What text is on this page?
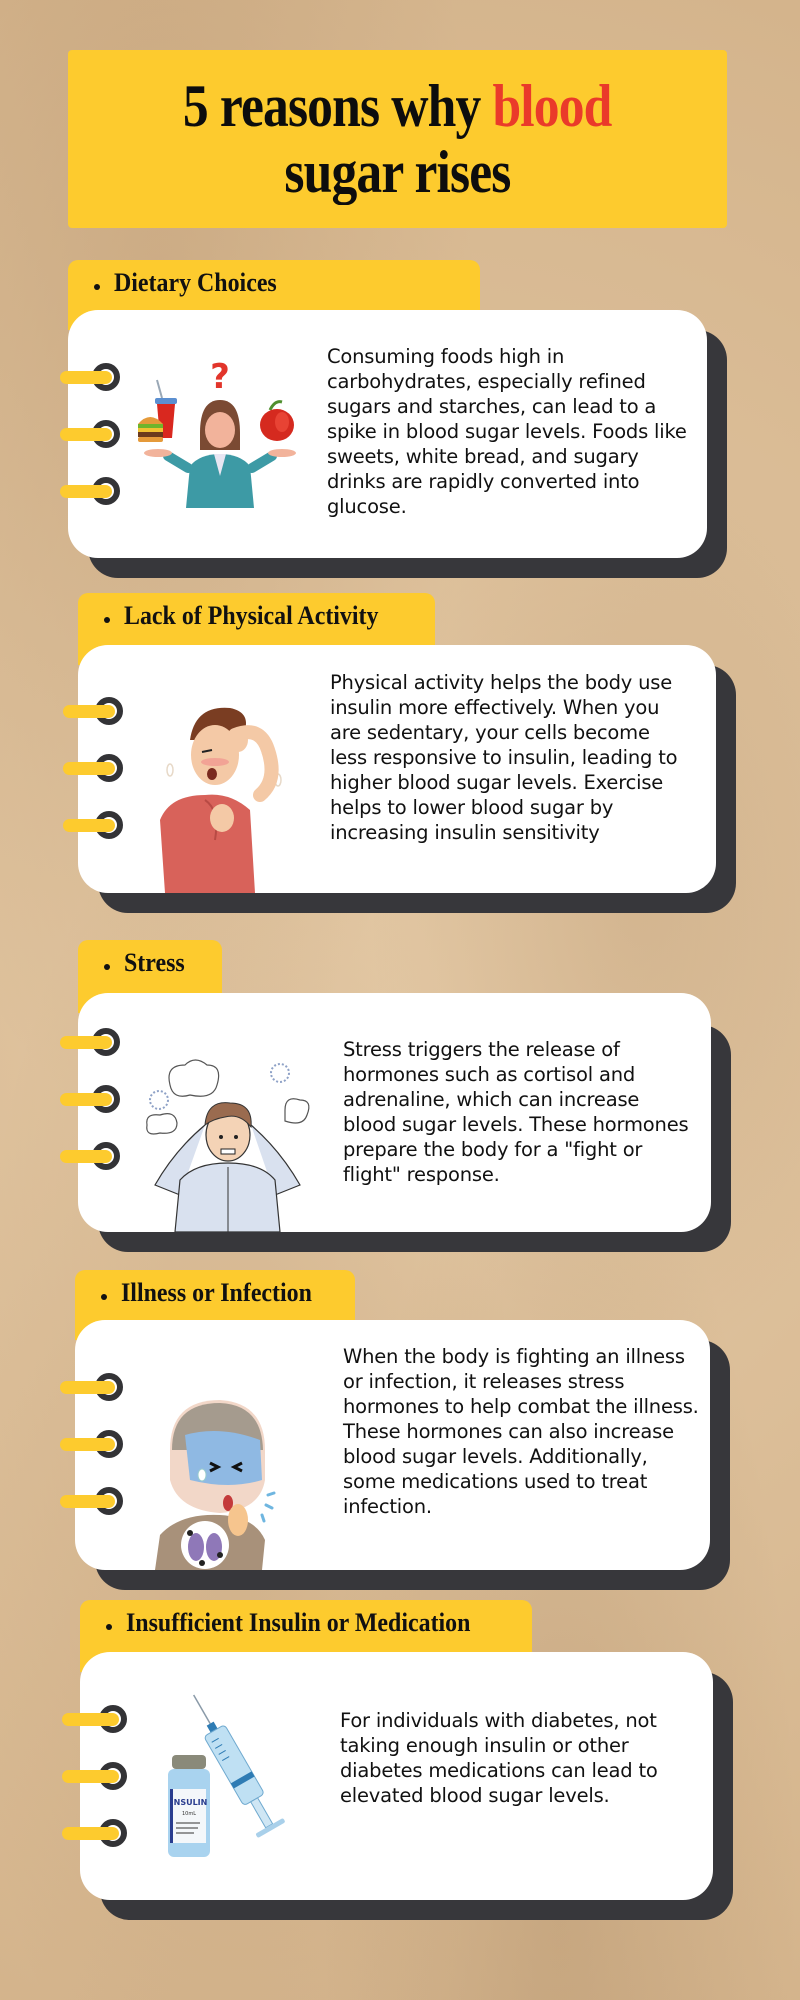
5 reasons why blood
sugar rises
Dietary Choices
?
Consuming foods high in carbohydrates, especially refined sugars and starches, can lead to a spike in blood sugar levels. Foods like sweets, white bread, and sugary drinks are rapidly converted into glucose.
Lack of Physical Activity
Physical activity helps the body use insulin more effectively. When you are sedentary, your cells become less responsive to insulin, leading to higher blood sugar levels. Exercise helps to lower blood sugar by increasing insulin sensitivity
Stress
Stress triggers the release of hormones such as cortisol and adrenaline, which can increase blood sugar levels. These hormones prepare the body for a "fight or flight" response.
Illness or Infection
When the body is fighting an illness or infection, it releases stress hormones to help combat the illness. These hormones can also increase blood sugar levels. Additionally, some medications used to treat infection.
Insufficient Insulin or Medication
INSULIN
10mL
For individuals with diabetes, not taking enough insulin or other diabetes medications can lead to elevated blood sugar levels.
